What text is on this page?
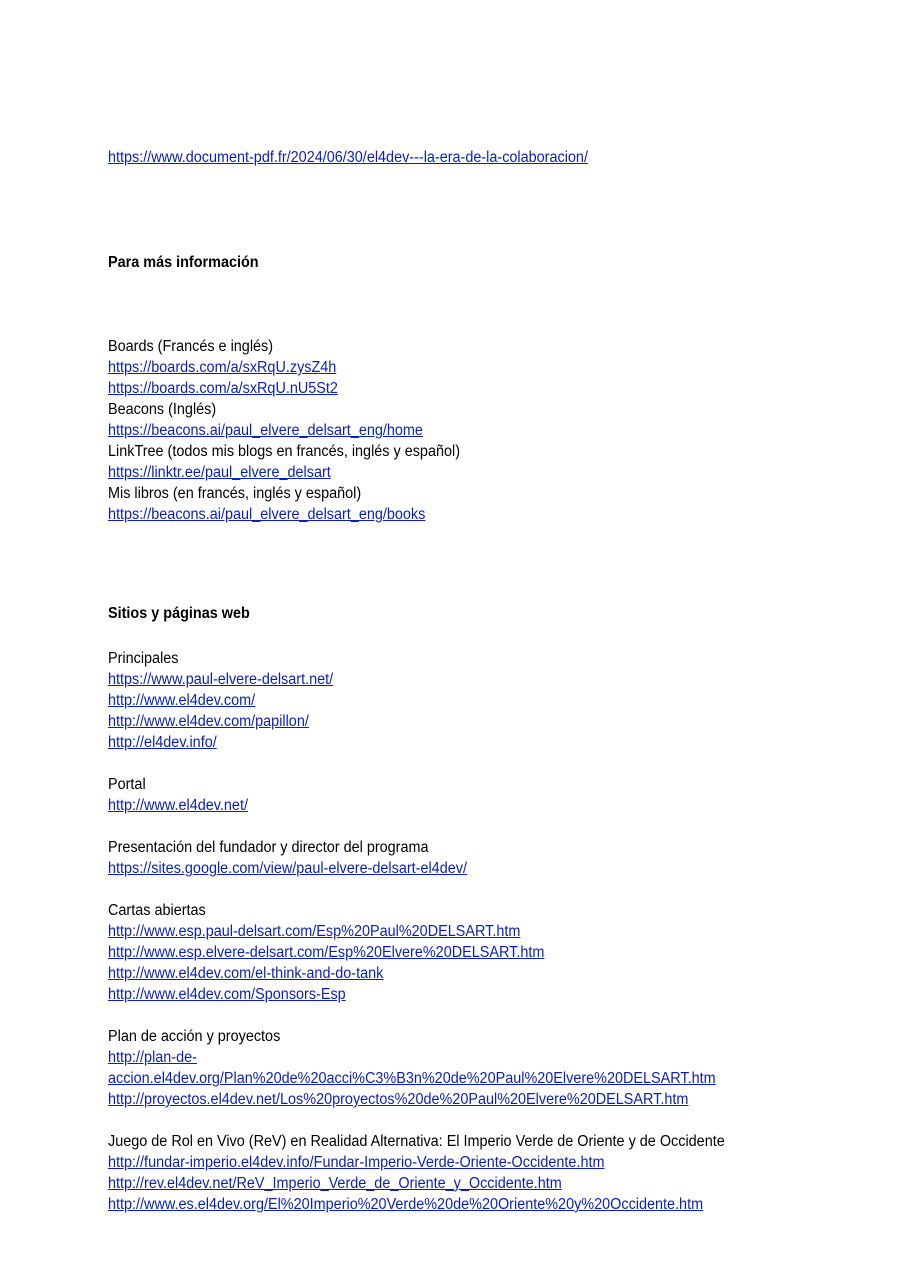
https://www.document-pdf.fr/2024/06/30/el4dev---la-era-de-la-colaboracion/
Para más información
Boards (Francés e inglés)
https://boards.com/a/sxRqU.zysZ4h
https://boards.com/a/sxRqU.nU5St2
Beacons (Inglés)
https://beacons.ai/paul_elvere_delsart_eng/home
LinkTree (todos mis blogs en francés, inglés y español)
https://linktr.ee/paul_elvere_delsart
Mis libros (en francés, inglés y español)
https://beacons.ai/paul_elvere_delsart_eng/books
Sitios y páginas web
Principales
https://www.paul-elvere-delsart.net/
http://www.el4dev.com/
http://www.el4dev.com/papillon/
http://el4dev.info/
Portal
http://www.el4dev.net/
Presentación del fundador y director del programa
https://sites.google.com/view/paul-elvere-delsart-el4dev/
Cartas abiertas
http://www.esp.paul-delsart.com/Esp%20Paul%20DELSART.htm
http://www.esp.elvere-delsart.com/Esp%20Elvere%20DELSART.htm
http://www.el4dev.com/el-think-and-do-tank
http://www.el4dev.com/Sponsors-Esp
Plan de acción y proyectos
http://plan-de-
accion.el4dev.org/Plan%20de%20acci%C3%B3n%20de%20Paul%20Elvere%20DELSART.htm
http://proyectos.el4dev.net/Los%20proyectos%20de%20Paul%20Elvere%20DELSART.htm
Juego de Rol en Vivo (ReV) en Realidad Alternativa: El Imperio Verde de Oriente y de Occidente
http://fundar-imperio.el4dev.info/Fundar-Imperio-Verde-Oriente-Occidente.htm
http://rev.el4dev.net/ReV_Imperio_Verde_de_Oriente_y_Occidente.htm
http://www.es.el4dev.org/El%20Imperio%20Verde%20de%20Oriente%20y%20Occidente.htm
